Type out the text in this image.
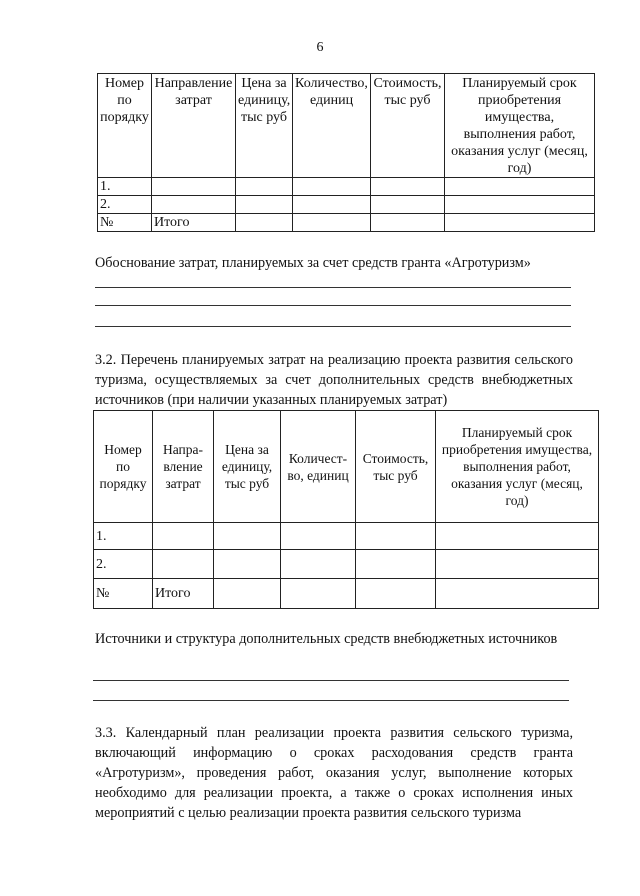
6
Номер по порядку	Направление затрат	Цена за единицу, тыс руб	Количество, единиц	Стоимость, тыс руб	Планируемый срок приобретения имущества, выполнения работ, оказания услуг (месяц, год)
1.					
2.					
№	Итого				
Обоснование затрат, планируемых за счет средств гранта «Агротуризм»
3.2. Перечень планируемых затрат на реализацию проекта развития сельского туризма, осуществляемых за счет дополнительных средств внебюджетных источников (при наличии указанных планируемых затрат)
Номер по порядку	Напра-вление затрат	Цена за единицу, тыс руб	Количест-во, единиц	Стоимость, тыс руб	Планируемый срок приобретения имущества, выполнения работ, оказания услуг (месяц, год)
1.					
2.					
№	Итого				
Источники и структура дополнительных средств внебюджетных источников
3.3. Календарный план реализации проекта развития сельского туризма, включающий информацию о сроках расходования средств гранта «Агротуризм», проведения работ, оказания услуг, выполнение которых необходимо для реализации проекта, а также о сроках исполнения иных мероприятий с целью реализации проекта развития сельского туризма
